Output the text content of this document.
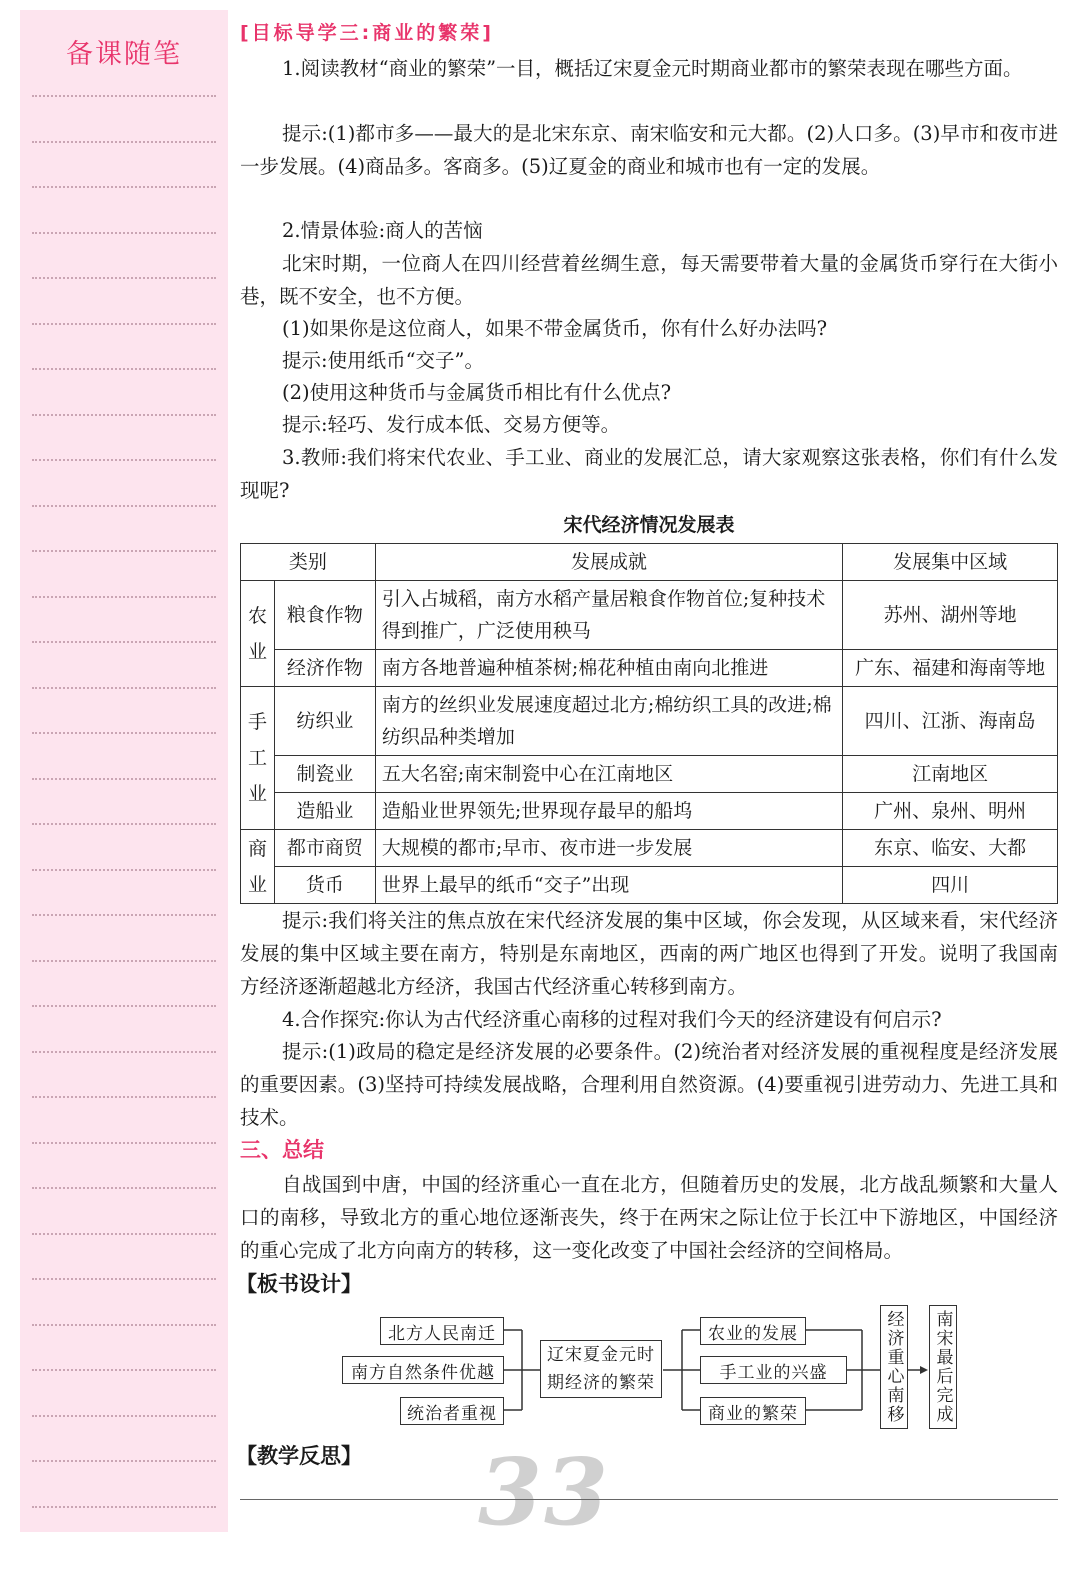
备课随笔
[目标导学三:商业的繁荣]

1.阅读教材“商业的繁荣”一目，概括辽宋夏金元时期商业都市的繁荣表现在哪些方面。

提示:(1)都市多——最大的是北宋东京、南宋临安和元大都。(2)人口多。(3)早市和夜市进一步发展。(4)商品多。客商多。(5)辽夏金的商业和城市也有一定的发展。

2.情景体验:商人的苦恼

北宋时期，一位商人在四川经营着丝绸生意，每天需要带着大量的金属货币穿行在大街小巷，既不安全，也不方便。

(1)如果你是这位商人，如果不带金属货币，你有什么好办法吗?

提示:使用纸币“交子”。

(2)使用这种货币与金属货币相比有什么优点?

提示:轻巧、发行成本低、交易方便等。

3.教师:我们将宋代农业、手工业、商业的发展汇总，请大家观察这张表格，你们有什么发现呢?

宋代经济情况发展表
类别		发展成就	发展集中区域
农业	粮食作物	引入占城稻，南方水稻产量居粮食作物首位;复种技术得到推广，广泛使用秧马	苏州、湖州等地
	经济作物	南方各地普遍种植茶树;棉花种植由南向北推进	广东、福建和海南等地
手工业	纺织业	南方的丝织业发展速度超过北方;棉纺织工具的改进;棉纺织品种类增加	四川、江浙、海南岛
	制瓷业	五大名窑;南宋制瓷中心在江南地区	江南地区
	造船业	造船业世界领先;世界现存最早的船坞	广州、泉州、明州
商业	都市商贸	大规模的都市;早市、夜市进一步发展	东京、临安、大都
	货币	世界上最早的纸币“交子”出现	四川

提示:我们将关注的焦点放在宋代经济发展的集中区域，你会发现，从区域来看，宋代经济发展的集中区域主要在南方，特别是东南地区，西南的两广地区也得到了开发。说明了我国南方经济逐渐超越北方经济，我国古代经济重心转移到南方。

4.合作探究:你认为古代经济重心南移的过程对我们今天的经济建设有何启示?

提示:(1)政局的稳定是经济发展的必要条件。(2)统治者对经济发展的重视程度是经济发展的重要因素。(3)坚持可持续发展战略，合理利用自然资源。(4)要重视引进劳动力、先进工具和技术。

三、总结

自战国到中唐，中国的经济重心一直在北方，但随着历史的发展，北方战乱频繁和大量人口的南移，导致北方的重心地位逐渐丧失，终于在两宋之际让位于长江中下游地区，中国经济的重心完成了北方向南方的转移，这一变化改变了中国社会经济的空间格局。

【板书设计】
北方人民南迁
南方自然条件优越
统治者重视
辽宋夏金元时期经济的繁荣
农业的发展
手工业的兴盛
商业的繁荣	经济重心南移 南宋最后完成
【教学反思】 33
